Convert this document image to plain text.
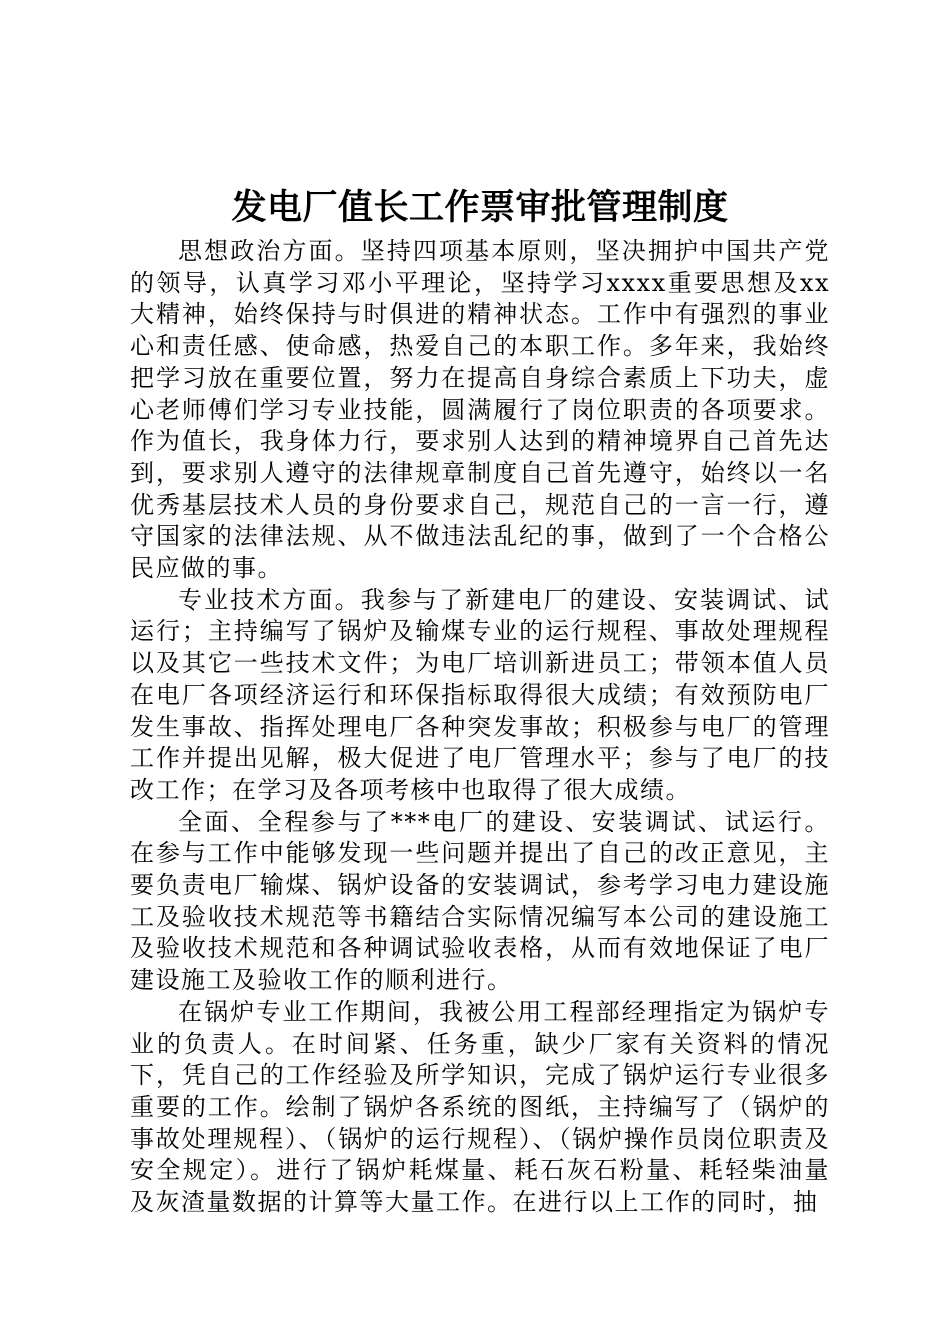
发电厂值长工作票审批管理制度

思想政治方面。坚持四项基本原则，坚决拥护中国共产党的领导，认真学习邓小平理论，坚持学习xxxx重要思想及xx大精神，始终保持与时俱进的精神状态。工作中有强烈的事业心和责任感、使命感，热爱自己的本职工作。多年来，我始终把学习放在重要位置，努力在提高自身综合素质上下功夫，虚心老师傅们学习专业技能，圆满履行了岗位职责的各项要求。作为值长，我身体力行，要求别人达到的精神境界自己首先达到，要求别人遵守的法律规章制度自己首先遵守，始终以一名优秀基层技术人员的身份要求自己，规范自己的一言一行，遵守国家的法律法规、从不做违法乱纪的事，做到了一个合格公民应做的事。

专业技术方面。我参与了新建电厂的建设、安装调试、试运行；主持编写了锅炉及输煤专业的运行规程、事故处理规程以及其它一些技术文件；为电厂培训新进员工；带领本值人员在电厂各项经济运行和环保指标取得很大成绩；有效预防电厂发生事故、指挥处理电厂各种突发事故；积极参与电厂的管理工作并提出见解，极大促进了电厂管理水平；参与了电厂的技改工作；在学习及各项考核中也取得了很大成绩。

全面、全程参与了***电厂的建设、安装调试、试运行。在参与工作中能够发现一些问题并提出了自己的改正意见，主要负责电厂输煤、锅炉设备的安装调试，参考学习电力建设施工及验收技术规范等书籍结合实际情况编写本公司的建设施工及验收技术规范和各种调试验收表格，从而有效地保证了电厂建设施工及验收工作的顺利进行。

在锅炉专业工作期间，我被公用工程部经理指定为锅炉专业的负责人。在时间紧、任务重，缺少厂家有关资料的情况下，凭自己的工作经验及所学知识，完成了锅炉运行专业很多重要的工作。绘制了锅炉各系统的图纸，主持编写了（锅炉的事故处理规程）、（锅炉的运行规程）、（锅炉操作员岗位职责及安全规定）。进行了锅炉耗煤量、耗石灰石粉量、耗轻柴油量及灰渣量数据的计算等大量工作。在进行以上工作的同时，抽
